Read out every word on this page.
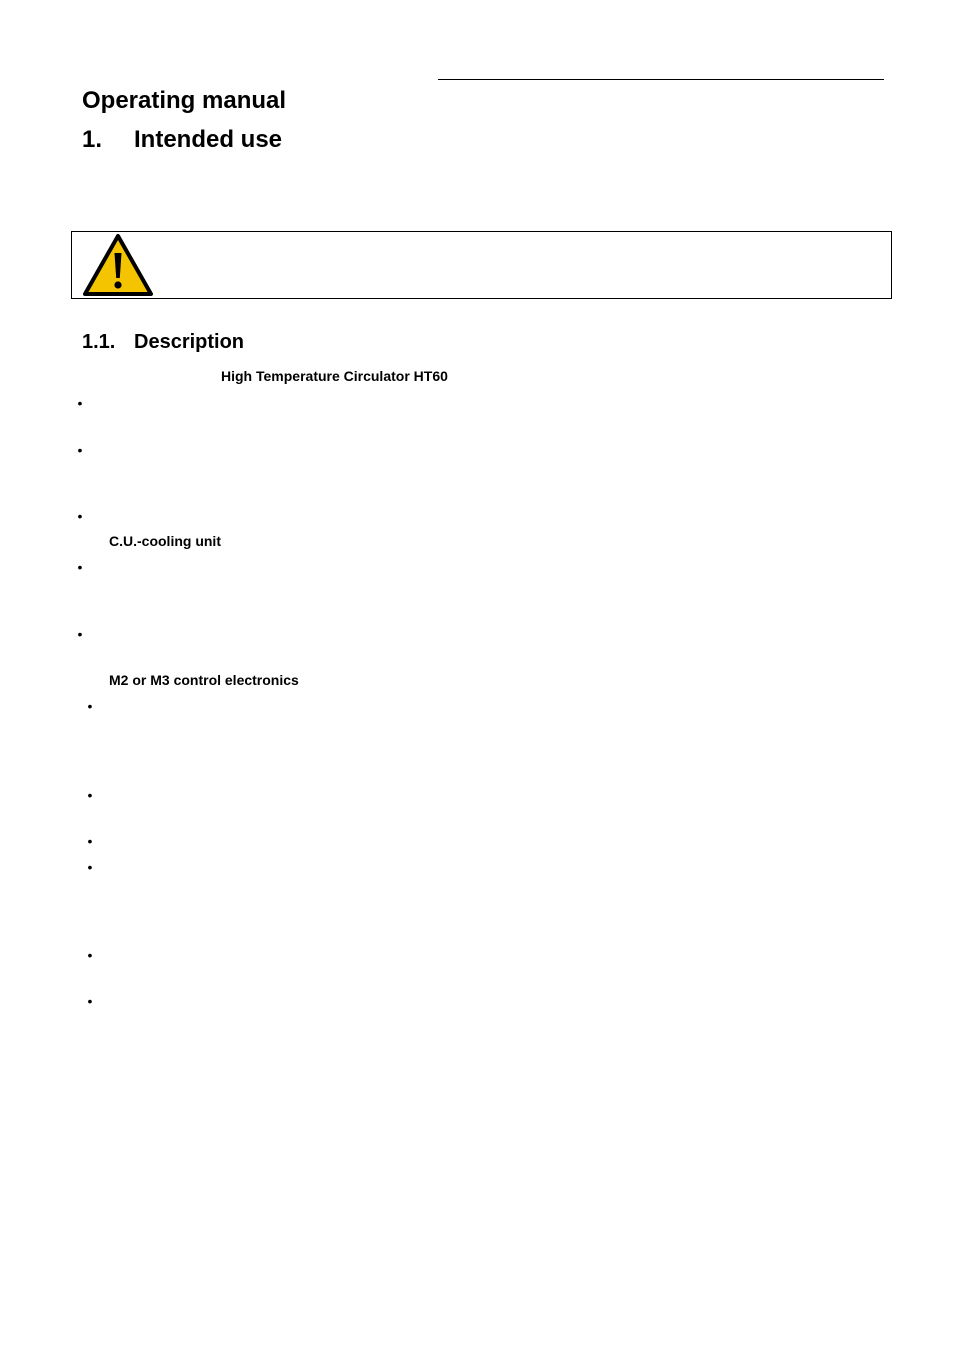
Operating manual
1. Intended use
1.1. Description
High Temperature Circulator HT60
•
•
•
C.U.-cooling unit
•
•
M2 or M3 control electronics
•
•
•
•
•
•
